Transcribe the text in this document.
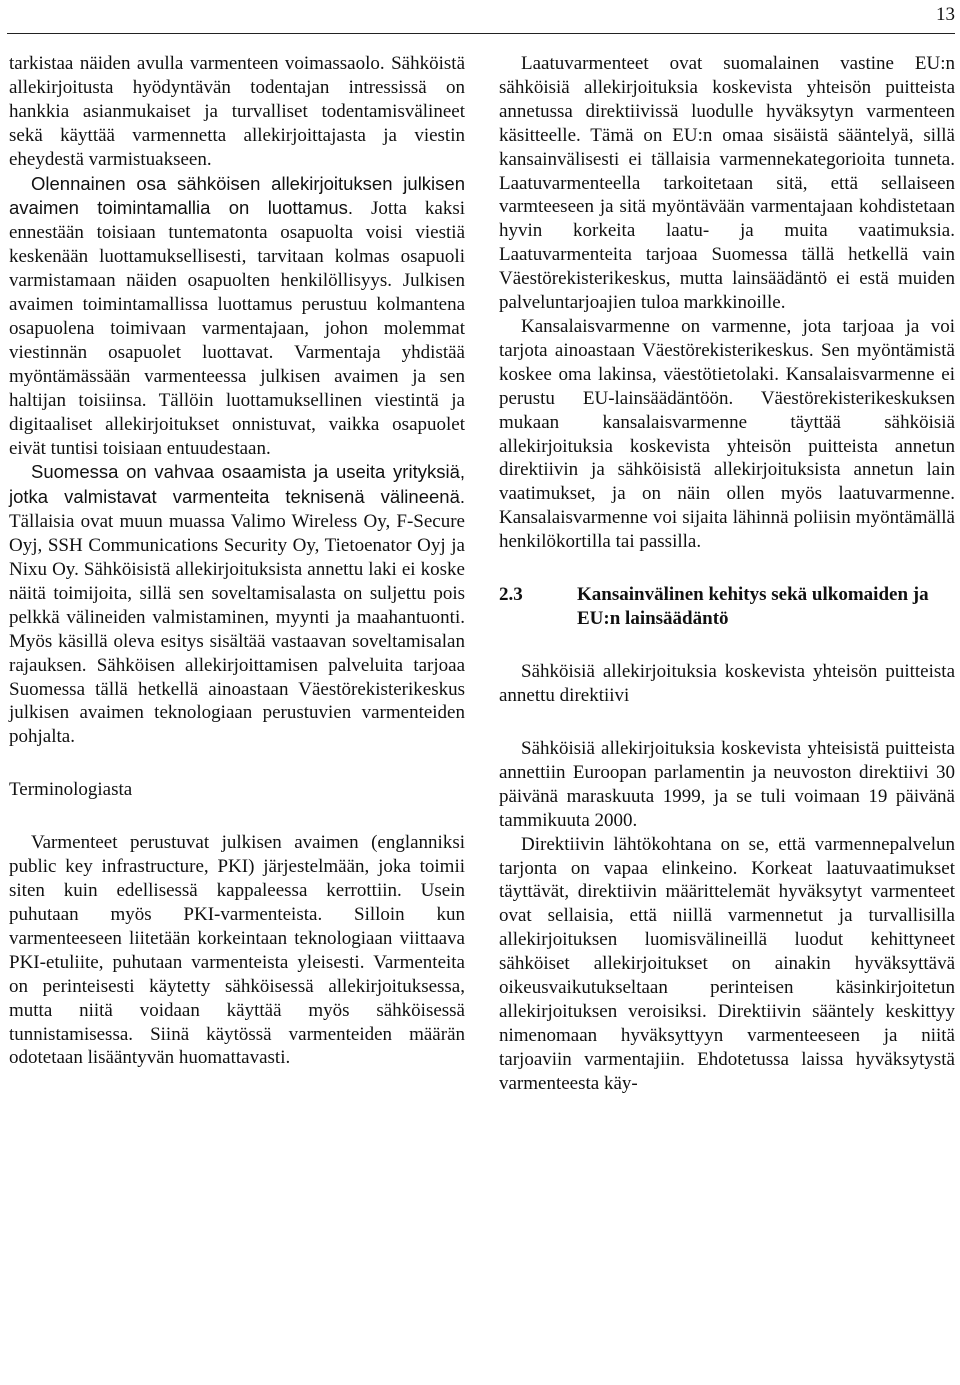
13

tarkistaa näiden avulla varmenteen voimassaolo. Sähköistä allekirjoitusta hyödyntävän todentajan intressissä on hankkia asianmukaiset ja turvalliset todentamisvälineet sekä käyttää varmennetta allekirjoittajasta ja viestin eheydestä varmistuakseen.

Olennainen osa sähköisen allekirjoituksen julkisen avaimen toimintamallia on luottamus. Jotta kaksi ennestään toisiaan tuntematonta osapuolta voisi viestiä keskenään luottamuksellisesti, tarvitaan kolmas osapuoli varmistamaan näiden osapuolten henkilöllisyys. Julkisen avaimen toimintamallissa luottamus perustuu kolmantena osapuolena toimivaan varmentajaan, johon molemmat viestinnän osapuolet luottavat. Varmentaja yhdistää myöntämässään varmenteessa julkisen avaimen ja sen haltijan toisiinsa. Tällöin luottamuksellinen viestintä ja digitaaliset allekirjoitukset onnistuvat, vaikka osapuolet eivät tuntisi toisiaan entuudestaan.

Suomessa on vahvaa osaamista ja useita yrityksiä, jotka valmistavat varmenteita teknisenä välineenä. Tällaisia ovat muun muassa Valimo Wireless Oy, F-Secure Oyj, SSH Communications Security Oy, Tietoenator Oyj ja Nixu Oy. Sähköisistä allekirjoituksista annettu laki ei koske näitä toimijoita, sillä sen soveltamisalasta on suljettu pois pelkkä välineiden valmistaminen, myynti ja maahantuonti. Myös käsillä oleva esitys sisältää vastaavan soveltamisalan rajauksen. Sähköisen allekirjoittamisen palveluita tarjoaa Suomessa tällä hetkellä ainoastaan Väestörekisterikeskus julkisen avaimen teknologiaan perustuvien varmenteiden pohjalta.

Terminologiasta

Varmenteet perustuvat julkisen avaimen (englanniksi public key infrastructure, PKI) järjestelmään, joka toimii siten kuin edellisessä kappaleessa kerrottiin. Usein puhutaan myös PKI-varmenteista. Silloin kun varmenteeseen liitetään korkeintaan teknologiaan viittaava PKI-etuliite, puhutaan varmenteista yleisesti. Varmenteita on perinteisesti käytetty sähköisessä allekirjoituksessa, mutta niitä voidaan käyttää myös sähköisessä tunnistamisessa. Siinä käytössä varmenteiden määrän odotetaan lisääntyvän huomattavasti.

Laatuvarmenteet ovat suomalainen vastine EU:n sähköisiä allekirjoituksia koskevista yhteisön puitteista annetussa direktiivissä luodulle hyväksytyn varmenteen käsitteelle. Tämä on EU:n omaa sisäistä sääntelyä, sillä kansainvälisesti ei tällaisia varmennekategorioita tunneta. Laatuvarmenteella tarkoitetaan sitä, että sellaiseen varmteeseen ja sitä myöntävään varmentajaan kohdistetaan hyvin korkeita laatu- ja muita vaatimuksia. Laatuvarmenteita tarjoaa Suomessa tällä hetkellä vain Väestörekisterikeskus, mutta lainsäädäntö ei estä muiden palveluntarjoajien tuloa markkinoille.

Kansalaisvarmenne on varmenne, jota tarjoaa ja voi tarjota ainoastaan Väestörekisterikeskus. Sen myöntämistä koskee oma lakinsa, väestötietolaki. Kansalaisvarmenne ei perustu EU-lainsäädäntöön. Väestörekisterikeskuksen mukaan kansalaisvarmenne täyttää sähköisiä allekirjoituksia koskevista yhteisön puitteista annetun direktiivin ja sähköisistä allekirjoituksista annetun lain vaatimukset, ja on näin ollen myös laatuvarmenne. Kansalaisvarmenne voi sijaita lähinnä poliisin myöntämällä henkilökortilla tai passilla.

2.3	Kansainvälinen kehitys sekä ulkomaiden ja EU:n lainsäädäntö

Sähköisiä allekirjoituksia koskevista yhteisön puitteista annettu direktiivi

Sähköisiä allekirjoituksia koskevista yhteisistä puitteista annettiin Euroopan parlamentin ja neuvoston direktiivi 30 päivänä maraskuuta 1999, ja se tuli voimaan 19 päivänä tammikuuta 2000.

Direktiivin lähtökohtana on se, että varmennepalvelun tarjonta on vapaa elinkeino. Korkeat laatuvaatimukset täyttävät, direktiivin määrittelemät hyväksytyt varmenteet ovat sellaisia, että niillä varmennetut ja turvallisilla allekirjoituksen luomisvälineillä luodut kehittyneet sähköiset allekirjoitukset on ainakin hyväksyttävä oikeusvaikutukseltaan perinteisen käsinkirjoitetun allekirjoituksen veroisiksi. Direktiivin sääntely keskittyy nimenomaan hyväksyttyyn varmenteeseen ja niitä tarjoaviin varmentajiin. Ehdotetussa laissa hyväksytystä varmenteesta käy-
